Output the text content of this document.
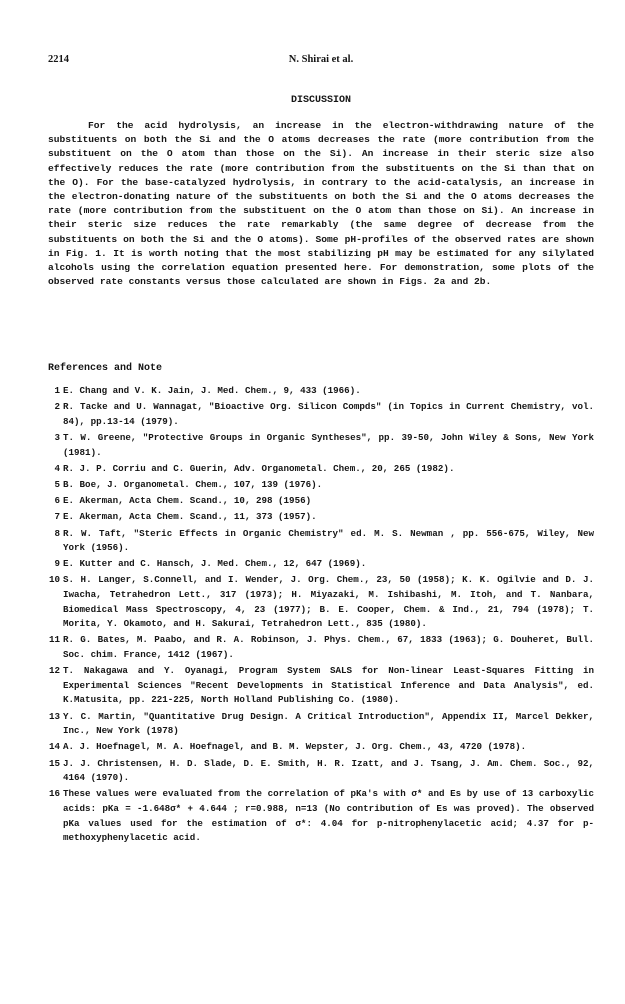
2214	N. Shirai et al.
DISCUSSION

For the acid hydrolysis, an increase in the electron-withdrawing nature of the substituents on both the Si and the O atoms decreases the rate (more contribution from the substituent on the O atom than those on the Si). An increase in their steric size also effectively reduces the rate (more contribution from the substituents on the Si than that on the O). For the base-catalyzed hydrolysis, in contrary to the acid-catalysis, an increase in the electron-donating nature of the substituents on both the Si and the O atoms decreases the rate (more contribution from the substituent on the O atom than those on Si). An increase in their steric size reduces the rate remarkably (the same degree of decrease from the substituents on both the Si and the O atoms). Some pH-profiles of the observed rates are shown in Fig. 1. It is worth noting that the most stabilizing pH may be estimated for any silylated alcohols using the correlation equation presented here. For demonstration, some plots of the observed rate constants versus those calculated are shown in Figs. 2a and 2b.

References and Note
1 E. Chang and V. K. Jain, J. Med. Chem., 9, 433 (1966).
2 R. Tacke and U. Wannagat, "Bioactive Org. Silicon Compds" (in Topics in Current Chemistry, vol. 84), pp.13-14 (1979).
3 T. W. Greene, "Protective Groups in Organic Syntheses", pp. 39-50, John Wiley & Sons, New York (1981).
4 R. J. P. Corriu and C. Guerin, Adv. Organometal. Chem., 20, 265 (1982).
5 B. Boe, J. Organometal. Chem., 107, 139 (1976).
6 E. Akerman, Acta Chem. Scand., 10, 298 (1956)
7 E. Akerman, Acta Chem. Scand., 11, 373 (1957).
8 R. W. Taft, "Steric Effects in Organic Chemistry" ed. M. S. Newman , pp. 556-675, Wiley, New York (1956).
9 E. Kutter and C. Hansch, J. Med. Chem., 12, 647 (1969).
10 S. H. Langer, S.Connell, and I. Wender, J. Org. Chem., 23, 50 (1958); K. K. Ogilvie and D. J. Iwacha, Tetrahedron Lett., 317 (1973); H. Miyazaki, M. Ishibashi, M. Itoh, and T. Nanbara, Biomedical Mass Spectroscopy, 4, 23 (1977); B. E. Cooper, Chem. & Ind., 21, 794 (1978); T. Morita, Y. Okamoto, and H. Sakurai, Tetrahedron Lett., 835 (1980).
11 R. G. Bates, M. Paabo, and R. A. Robinson, J. Phys. Chem., 67, 1833 (1963); G. Douheret, Bull. Soc. chim. France, 1412 (1967).
12 T. Nakagawa and Y. Oyanagi, Program System SALS for Non-linear Least-Squares Fitting in Experimental Sciences "Recent Developments in Statistical Inference and Data Analysis", ed. K.Matusita, pp. 221-225, North Holland Publishing Co. (1980).
13 Y. C. Martin, "Quantitative Drug Design. A Critical Introduction", Appendix II, Marcel Dekker, Inc., New York (1978)
14 A. J. Hoefnagel, M. A. Hoefnagel, and B. M. Wepster, J. Org. Chem., 43, 4720 (1978).
15 J. J. Christensen, H. D. Slade, D. E. Smith, H. R. Izatt, and J. Tsang, J. Am. Chem. Soc., 92, 4164 (1970).
16 These values were evaluated from the correlation of pKa's with σ* and Es by use of 13 carboxylic acids: pKa = -1.648σ* + 4.644 ; r=0.988, n=13 (No contribution of Es was proved). The observed pKa values used for the estimation of σ*: 4.04 for p-nitrophenylacetic acid; 4.37 for p-methoxyphenylacetic acid.
